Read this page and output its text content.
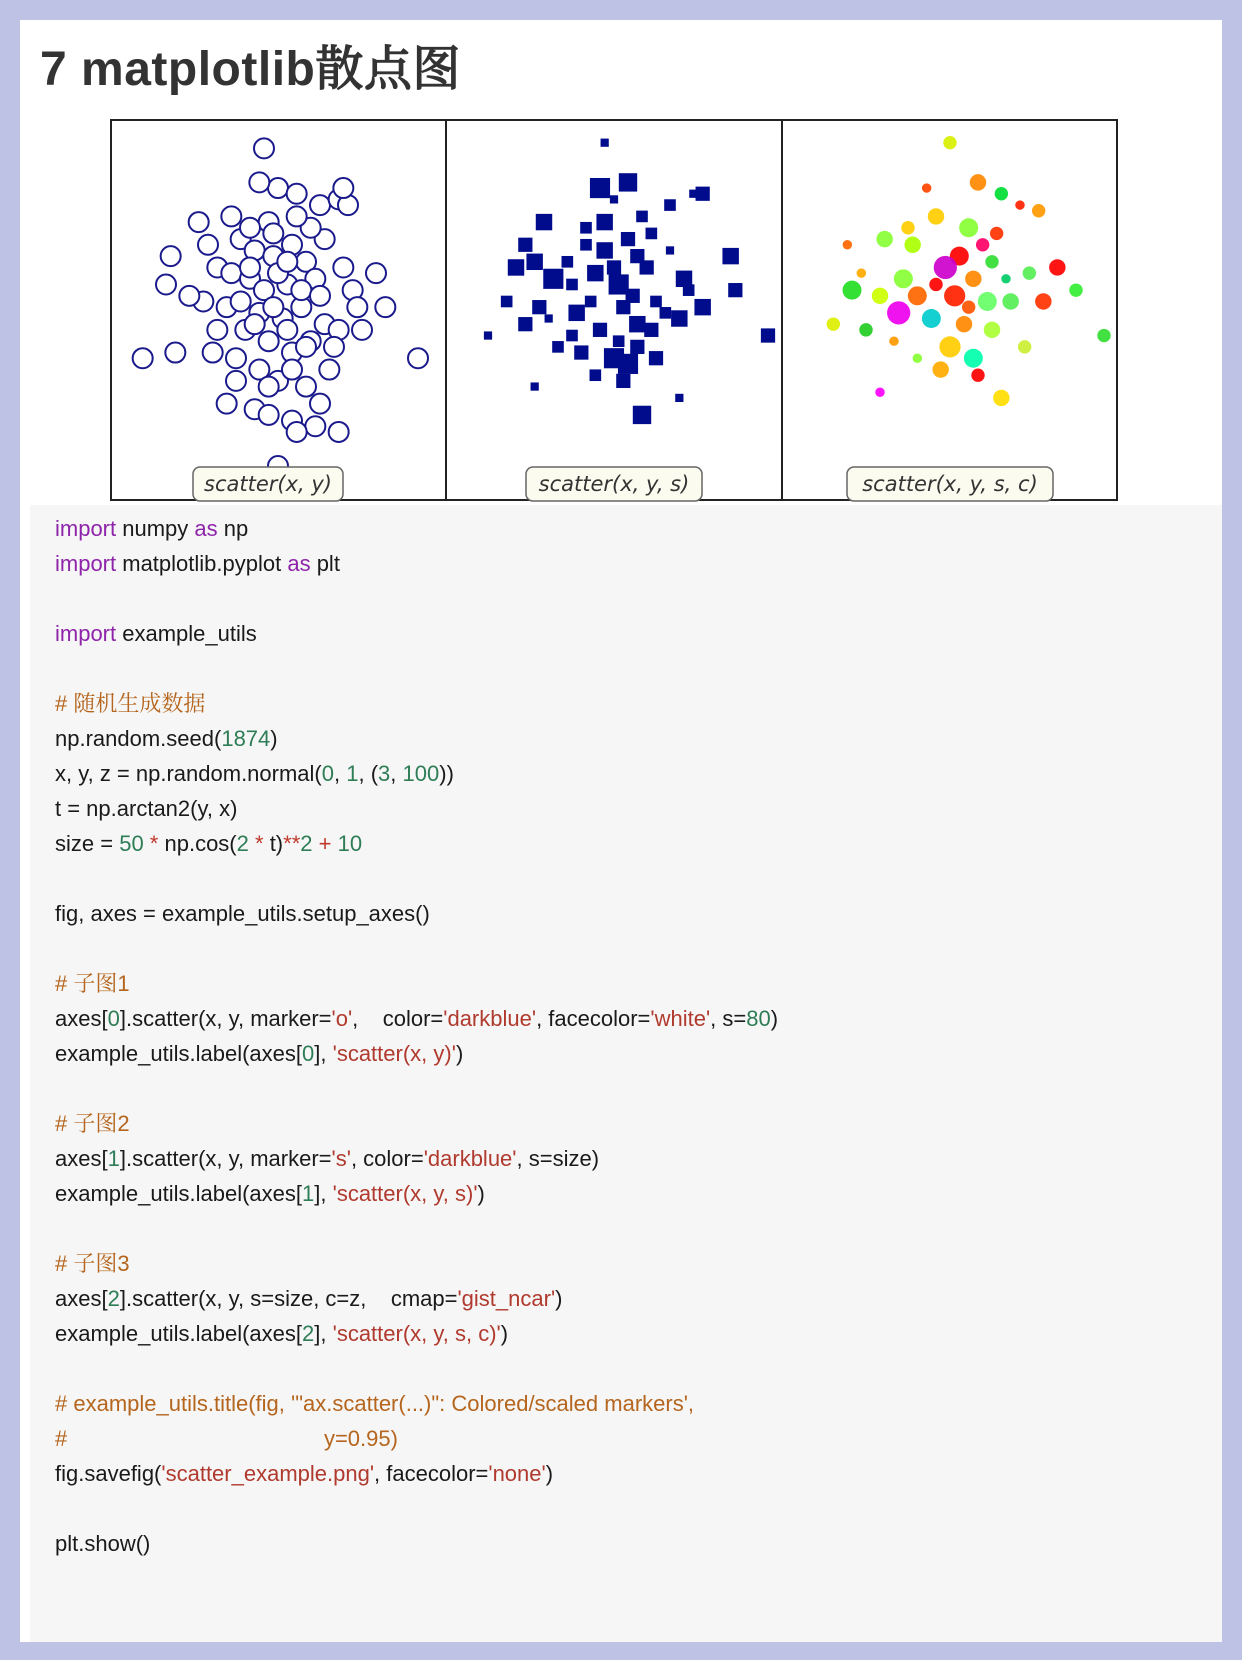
7 matplotlib散点图
scatter(x, y)	scatter(x, y, s)	scatter(x, y, s, c)

import numpy as np

import matplotlib.pyplot as plt

import example_utils

# 随机生成数据

np.random.seed(1874)

x, y, z = np.random.normal(0, 1, (3, 100))

t = np.arctan2(y, x)

size = 50 * np.cos(2 * t)**2 + 10

fig, axes = example_utils.setup_axes()

# 子图1

axes[0].scatter(x, y, marker='o',    color='darkblue', facecolor='white', s=80)

example_utils.label(axes[0], 'scatter(x, y)')

# 子图2

axes[1].scatter(x, y, marker='s', color='darkblue', s=size)

example_utils.label(axes[1], 'scatter(x, y, s)')

# 子图3

axes[2].scatter(x, y, s=size, c=z,    cmap='gist_ncar')

example_utils.label(axes[2], 'scatter(x, y, s, c)')

# example_utils.title(fig, '"ax.scatter(...)": Colored/scaled markers',

#                                          y=0.95)

fig.savefig('scatter_example.png', facecolor='none')

plt.show()
